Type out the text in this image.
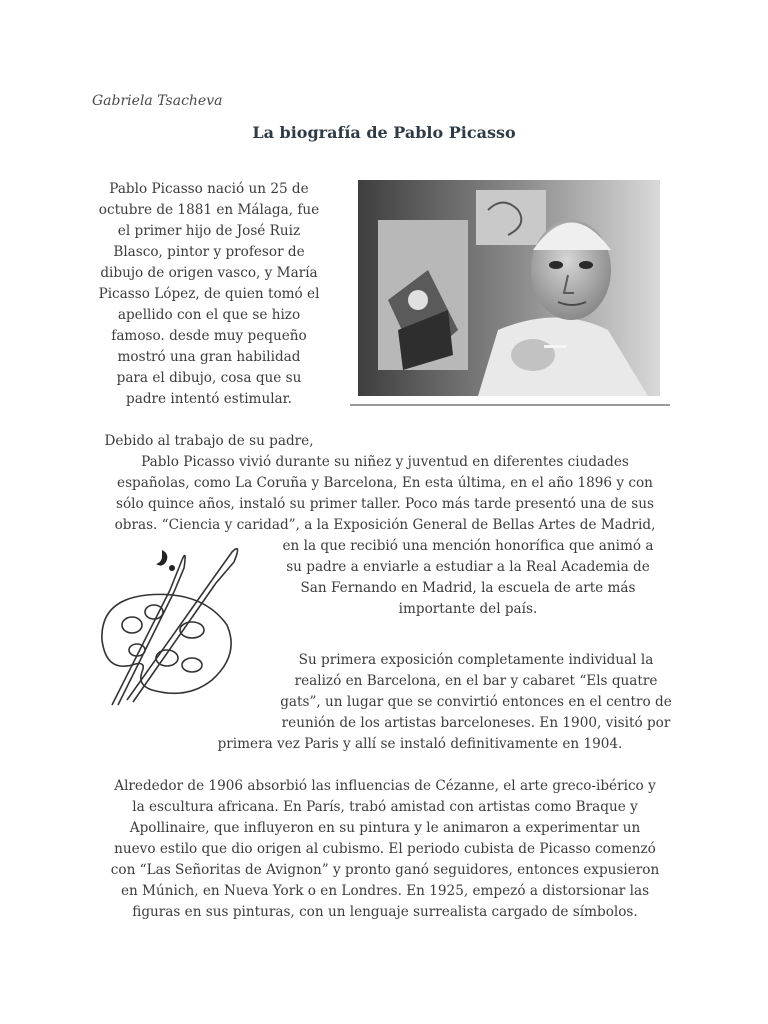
Gabriela Tsacheva
La biografía de Pablo Picasso
Pablo Picasso nació un 25 de
octubre de 1881 en Málaga, fue
el primer hijo de José Ruiz
Blasco, pintor y profesor de
dibujo de origen vasco, y María
Picasso López, de quien tomó el
apellido con el que se hizo
famoso. desde muy pequeño
mostró una gran habilidad
para el dibujo, cosa que su
padre intentó estimular.
Debido al trabajo de su padre,
Pablo Picasso vivió durante su niñez y juventud en diferentes ciudades
españolas, como La Coruña y Barcelona, En esta última, en el año 1896 y con
sólo quince años, instaló su primer taller. Poco más tarde presentó una de sus
obras. “Ciencia y caridad”, a la Exposición General de Bellas Artes de Madrid,
en la que recibió una mención honorífica que animó a
su padre a enviarle a estudiar a la Real Academia de
San Fernando en Madrid, la escuela de arte más
importante del país.
Su primera exposición completamente individual la
realizó en Barcelona, en el bar y cabaret “Els quatre
gats”, un lugar que se convirtió entonces en el centro de
reunión de los artistas barceloneses. En 1900, visitó por
primera vez Paris y allí se instaló definitivamente en 1904.
Alrededor de 1906 absorbió las influencias de Cézanne, el arte greco-ibérico y
la escultura africana. En París, trabó amistad con artistas como Braque y
Apollinaire, que influyeron en su pintura y le animaron a experimentar un
nuevo estilo que dio origen al cubismo. El periodo cubista de Picasso comenzó
con “Las Señoritas de Avignon” y pronto ganó seguidores, entonces expusieron
en Múnich, en Nueva York o en Londres. En 1925, empezó a distorsionar las
figuras en sus pinturas, con un lenguaje surrealista cargado de símbolos.
